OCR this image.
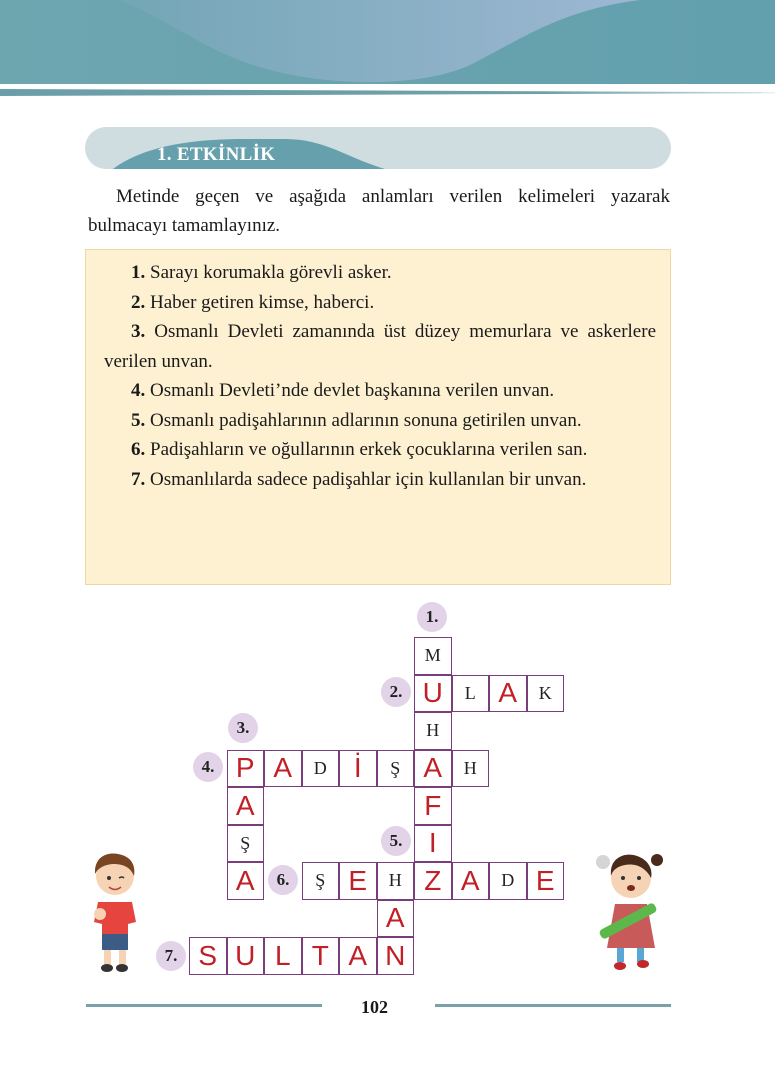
1. ETKİNLİK

Metinde geçen ve aşağıda anlamları verilen kelimeleri yazarak bulmacayı tamamlayınız.

1. Sarayı korumakla görevli asker.

2. Haber getiren kimse, haberci.

3. Osmanlı Devleti zamanında üst düzey memurlara ve askerlere verilen unvan.

4. Osmanlı Devleti’nde devlet başkanına verilen unvan.

5. Osmanlı padişahlarının adlarının sonuna getirilen unvan.

6. Padişahların ve oğullarının erkek çocuklarına verilen san.

7. Osmanlılarda sadece padişahlar için kullanılan bir unvan.

M
U L A K
H
P A D İ Ş A H
A	F
Ş	I
A	Ş E H Z A D E
A
S U L T A N
1.
2.
3.
4.
5.
6.
7.
102
